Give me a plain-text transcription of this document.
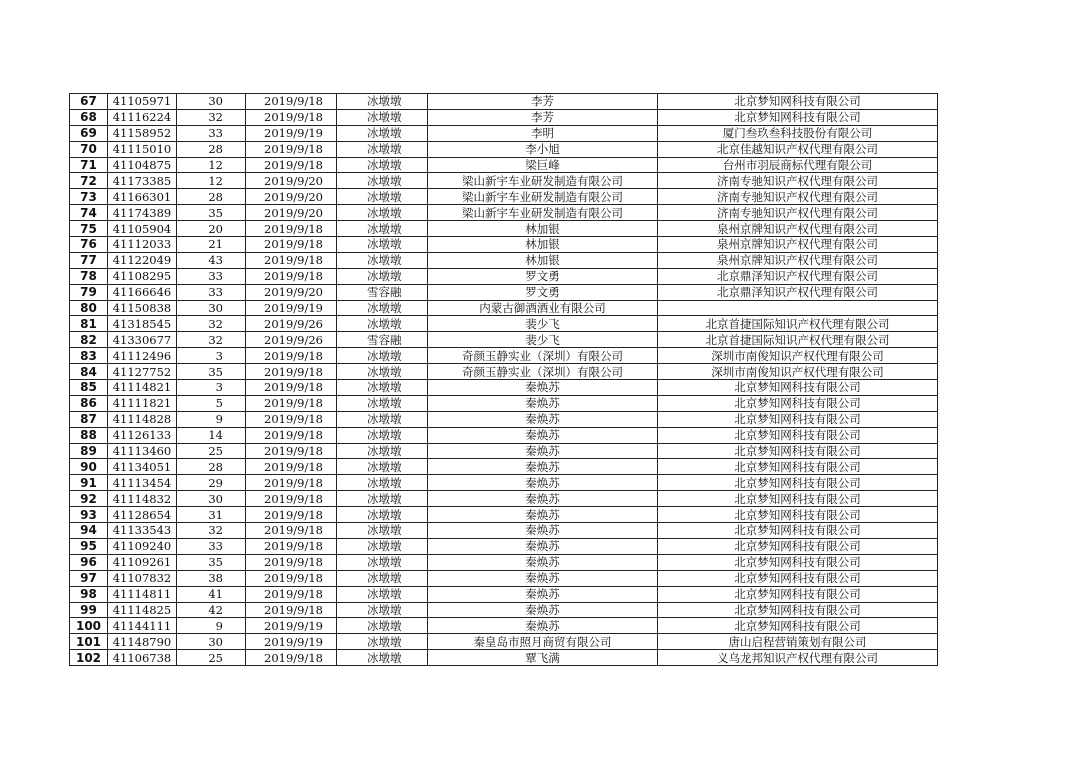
67	41105971	30	2019/9/18	冰墩墩	李芳	北京梦知网科技有限公司
68	41116224	32	2019/9/18	冰墩墩	李芳	北京梦知网科技有限公司
69	41158952	33	2019/9/19	冰墩墩	李明	厦门叁玖叁科技股份有限公司
70	41115010	28	2019/9/18	冰墩墩	李小旭	北京佳越知识产权代理有限公司
71	41104875	12	2019/9/18	冰墩墩	梁巨峰	台州市羽辰商标代理有限公司
72	41173385	12	2019/9/20	冰墩墩	梁山新宇车业研发制造有限公司	济南专驰知识产权代理有限公司
73	41166301	28	2019/9/20	冰墩墩	梁山新宇车业研发制造有限公司	济南专驰知识产权代理有限公司
74	41174389	35	2019/9/20	冰墩墩	梁山新宇车业研发制造有限公司	济南专驰知识产权代理有限公司
75	41105904	20	2019/9/18	冰墩墩	林加银	泉州京牌知识产权代理有限公司
76	41112033	21	2019/9/18	冰墩墩	林加银	泉州京牌知识产权代理有限公司
77	41122049	43	2019/9/18	冰墩墩	林加银	泉州京牌知识产权代理有限公司
78	41108295	33	2019/9/18	冰墩墩	罗文勇	北京鼎泽知识产权代理有限公司
79	41166646	33	2019/9/20	雪容融	罗文勇	北京鼎泽知识产权代理有限公司
80	41150838	30	2019/9/19	冰墩墩	内蒙古御酒酒业有限公司	
81	41318545	32	2019/9/26	冰墩墩	裴少飞	北京首捷国际知识产权代理有限公司
82	41330677	32	2019/9/26	雪容融	裴少飞	北京首捷国际知识产权代理有限公司
83	41112496	3	2019/9/18	冰墩墩	奇颜玉静实业（深圳）有限公司	深圳市南俊知识产权代理有限公司
84	41127752	35	2019/9/18	冰墩墩	奇颜玉静实业（深圳）有限公司	深圳市南俊知识产权代理有限公司
85	41114821	3	2019/9/18	冰墩墩	秦焕苏	北京梦知网科技有限公司
86	41111821	5	2019/9/18	冰墩墩	秦焕苏	北京梦知网科技有限公司
87	41114828	9	2019/9/18	冰墩墩	秦焕苏	北京梦知网科技有限公司
88	41126133	14	2019/9/18	冰墩墩	秦焕苏	北京梦知网科技有限公司
89	41113460	25	2019/9/18	冰墩墩	秦焕苏	北京梦知网科技有限公司
90	41134051	28	2019/9/18	冰墩墩	秦焕苏	北京梦知网科技有限公司
91	41113454	29	2019/9/18	冰墩墩	秦焕苏	北京梦知网科技有限公司
92	41114832	30	2019/9/18	冰墩墩	秦焕苏	北京梦知网科技有限公司
93	41128654	31	2019/9/18	冰墩墩	秦焕苏	北京梦知网科技有限公司
94	41133543	32	2019/9/18	冰墩墩	秦焕苏	北京梦知网科技有限公司
95	41109240	33	2019/9/18	冰墩墩	秦焕苏	北京梦知网科技有限公司
96	41109261	35	2019/9/18	冰墩墩	秦焕苏	北京梦知网科技有限公司
97	41107832	38	2019/9/18	冰墩墩	秦焕苏	北京梦知网科技有限公司
98	41114811	41	2019/9/18	冰墩墩	秦焕苏	北京梦知网科技有限公司
99	41114825	42	2019/9/18	冰墩墩	秦焕苏	北京梦知网科技有限公司
100	41144111	9	2019/9/19	冰墩墩	秦焕苏	北京梦知网科技有限公司
101	41148790	30	2019/9/19	冰墩墩	秦皇岛市照月商贸有限公司	唐山启程营销策划有限公司
102	41106738	25	2019/9/18	冰墩墩	覃飞满	义乌龙邦知识产权代理有限公司
